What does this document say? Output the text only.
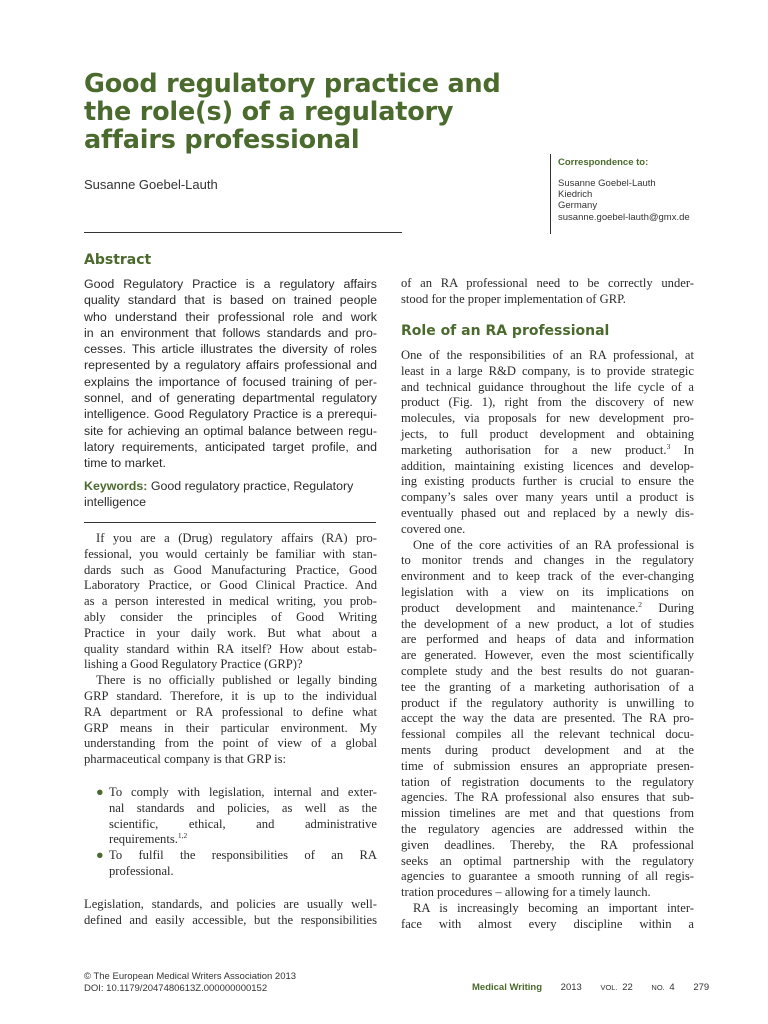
Good regulatory practice and
the role(s) of a regulatory
affairs professional
Susanne Goebel-Lauth
Correspondence to:
Susanne Goebel-Lauth
Kiedrich
Germany
susanne.goebel-lauth@gmx.de
Abstract
Good Regulatory Practice is a regulatory affairs
quality standard that is based on trained people
who understand their professional role and work
in an environment that follows standards and pro-
cesses. This article illustrates the diversity of roles
represented by a regulatory affairs professional and
explains the importance of focused training of per-
sonnel, and of generating departmental regulatory
intelligence. Good Regulatory Practice is a prerequi-
site for achieving an optimal balance between regu-
latory requirements, anticipated target profile, and
time to market.
Keywords: Good regulatory practice, Regulatory
intelligence
If you are a (Drug) regulatory affairs (RA) pro-
fessional, you would certainly be familiar with stan-
dards such as Good Manufacturing Practice, Good
Laboratory Practice, or Good Clinical Practice. And
as a person interested in medical writing, you prob-
ably consider the principles of Good Writing
Practice in your daily work. But what about a
quality standard within RA itself? How about estab-
lishing a Good Regulatory Practice (GRP)?
There is no officially published or legally binding
GRP standard. Therefore, it is up to the individual
RA department or RA professional to define what
GRP means in their particular environment. My
understanding from the point of view of a global
pharmaceutical company is that GRP is:
● To comply with legislation, internal and exter-
nal standards and policies, as well as the
scientific, ethical, and administrative
requirements.$^{1,2}$
● To fulfil the responsibilities of an RA
professional.
Legislation, standards, and policies are usually well-
defined and easily accessible, but the responsibilities
of an RA professional need to be correctly under-
stood for the proper implementation of GRP.
Role of an RA professional
One of the responsibilities of an RA professional, at
least in a large R&D company, is to provide strategic
and technical guidance throughout the life cycle of a
product (Fig. 1), right from the discovery of new
molecules, via proposals for new development pro-
jects, to full product development and obtaining
marketing authorisation for a new product.$^3$ In
addition, maintaining existing licences and develop-
ing existing products further is crucial to ensure the
company’s sales over many years until a product is
eventually phased out and replaced by a newly dis-
covered one.
One of the core activities of an RA professional is
to monitor trends and changes in the regulatory
environment and to keep track of the ever-changing
legislation with a view on its implications on
product development and maintenance.$^2$ During
the development of a new product, a lot of studies
are performed and heaps of data and information
are generated. However, even the most scientifically
complete study and the best results do not guaran-
tee the granting of a marketing authorisation of a
product if the regulatory authority is unwilling to
accept the way the data are presented. The RA pro-
fessional compiles all the relevant technical docu-
ments during product development and at the
time of submission ensures an appropriate presen-
tation of registration documents to the regulatory
agencies. The RA professional also ensures that sub-
mission timelines are met and that questions from
the regulatory agencies are addressed within the
given deadlines. Thereby, the RA professional
seeks an optimal partnership with the regulatory
agencies to guarantee a smooth running of all regis-
tration procedures – allowing for a timely launch.
RA is increasingly becoming an important inter-
face with almost every discipline within a
© The European Medical Writers Association 2013
DOI: 10.1179/2047480613Z.000000000152	Medical Writing 2013 VOL. 22 NO. 4 279
